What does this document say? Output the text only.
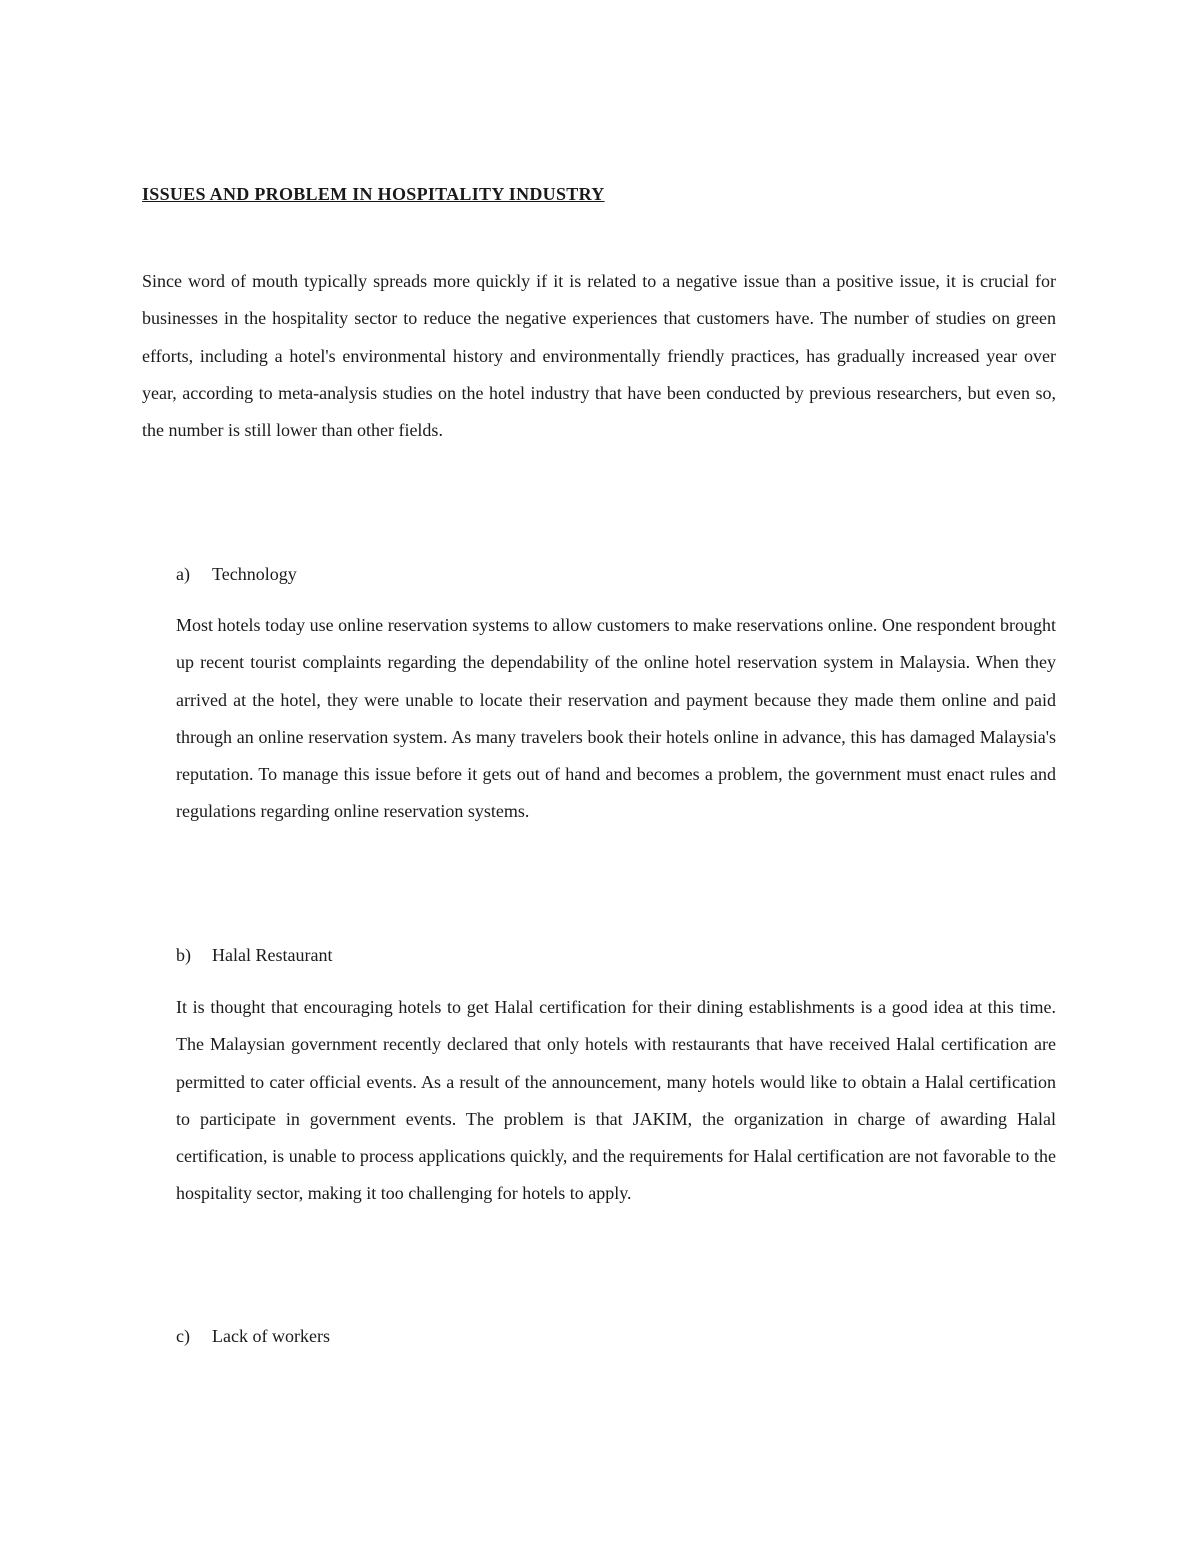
ISSUES AND PROBLEM IN HOSPITALITY INDUSTRY

Since word of mouth typically spreads more quickly if it is related to a negative issue than a positive issue, it is crucial for businesses in the hospitality sector to reduce the negative experiences that customers have. The number of studies on green efforts, including a hotel's environmental history and environmentally friendly practices, has gradually increased year over year, according to meta-analysis studies on the hotel industry that have been conducted by previous researchers, but even so, the number is still lower than other fields.

a) Technology

Most hotels today use online reservation systems to allow customers to make reservations online. One respondent brought up recent tourist complaints regarding the dependability of the online hotel reservation system in Malaysia. When they arrived at the hotel, they were unable to locate their reservation and payment because they made them online and paid through an online reservation system. As many travelers book their hotels online in advance, this has damaged Malaysia's reputation. To manage this issue before it gets out of hand and becomes a problem, the government must enact rules and regulations regarding online reservation systems.

b) Halal Restaurant

It is thought that encouraging hotels to get Halal certification for their dining establishments is a good idea at this time. The Malaysian government recently declared that only hotels with restaurants that have received Halal certification are permitted to cater official events. As a result of the announcement, many hotels would like to obtain a Halal certification to participate in government events. The problem is that JAKIM, the organization in charge of awarding Halal certification, is unable to process applications quickly, and the requirements for Halal certification are not favorable to the hospitality sector, making it too challenging for hotels to apply.

c) Lack of workers
